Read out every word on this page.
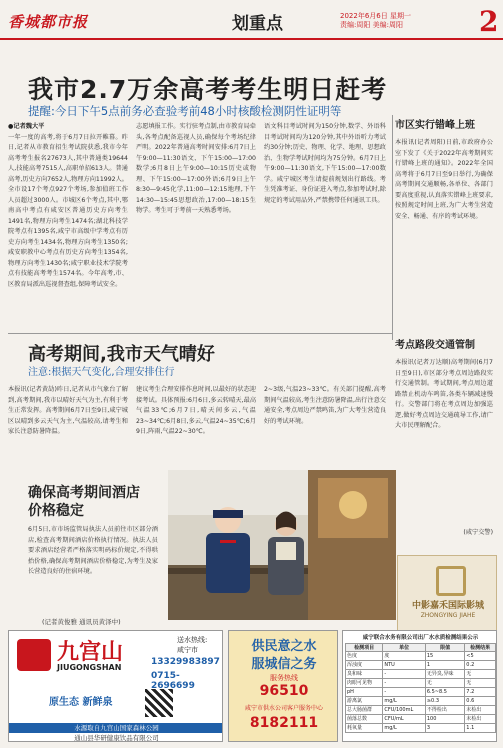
香城都市报	划重点	2022年6月6日 星期一
责编:周阳 美编:周阳	2
我市2.7万余高考考生明日赶考
提醒:今日下午5点前务必查验考前48小时核酸检测阴性证明等
●记者魏大平
一年一度的高考,将于6月7日拉开帷幕。昨日,记者从市教育招生考试院获悉,我市今年高考考生报名27673人,其中普通类19644人,技能高考7515人,高职单招613人。普通高考,历史方向7652人,物理方向11992人。全市设17个考点927个考场,参加值班工作人员超过3000人。市城区6个考点,其中,鄂南高中考点有咸安区普通历史方向考生1491名,物理方向考生1474名;湖北科技学院考点有1395名,咸宁市高级中学考点有历史方向考生1434名,物理方向考生1350名;咸安职教中心考点有历史方向考生1354名,物理方向考生1430名;咸宁职业技术学院考点有技能高考考生1574名。今年高考,市、区教育局派出巡视督查组,保障考试安全。
志愿填报工作。实行驻考点制,由市教育局牵头,各考点配备巡视人员,确保每个考场纪律严明。2022年普通高考时间安排:6月7日上午9:00—11:30语文、下午15:00—17:00数学;6月8日上午9:00—10:15历史或物理、下午15:00—17:00外语;6月9日上午8:30—9:45化学,11:00—12:15地理,下午14:30—15:45思想政治,17:00—18:15生物学。考生可于考前一天熟悉考场。
语文科目考试时间为150分钟,数学、外语科目考试时间均为120分钟,其中外语听力考试约30分钟;历史、物理、化学、地理、思想政治、生物学考试时间均为75分钟。6月7日上午9:00—11:30语文,下午15:00—17:00数学。咸宁城区考生请提前规划出行路线。考生凭准考证、身份证进入考点,参加考试时,除规定的考试用品外,严禁携带任何通讯工具。
市区实行错峰上班
本报讯(记者周阳)日前,市政府办公室下发了《关于2022年高考期间实行错峰上班的通知》。2022年全国高考将于6月7日至9日举行,为确保高考期间交通顺畅,各单位、各部门要高度重视,认真落实错峰上班要求,按照规定时间上班,为广大考生营造安全、畅通、有序的考试环境。
高考期间,我市天气晴好
注意:根据天气变化,合理安排住行
本报讯(记者黄劼)昨日,记者从市气象台了解到,高考期间,我市以晴好天气为主,有利于考生正常发挥。高考期间6月7日至9日,咸宁城区以晴到多云天气为主,气温较高,请考生和家长注意防暑降温。
建议考生合理安排作息时间,以最好的状态迎接考试。具体预报:6月6日,多云转晴天,最高气温33℃;6月7日,晴天间多云,气温23~34℃;6月8日,多云,气温24~35℃;6月9日,阵雨,气温22~30℃。
2~3级,气温23~33℃。有关部门提醒,高考期间气温较高,考生注意防暑降温,出行注意交通安全,考点周边严禁鸣笛,为广大考生营造良好的考试环境。
确保高考期间酒店价格稳定
6月5日,市市场监管局执法人员前往市区部分酒店,检查高考期间酒店价格执行情况。执法人员要求酒店经营者严格落实明码标价规定,不得哄抬价格,确保高考期间酒店价格稳定,为考生及家长营造良好的住宿环境。
(记者黄俊雅 通讯员黄泽中)
考点路段交通管制
本报讯(记者万达顺)高考期间(6月7日至9日),市区部分考点周边路段实行交通管制。考试期间,考点周边道路禁止机动车鸣笛,各类车辆减速慢行。交警部门将在考点周边加强巡逻,做好考点周边交通疏导工作,请广大市民理解配合。
(咸宁交警)
中影嘉禾国际影城
ZHONGYING JIAHE
九宫山
JIUGONGSHAN
原生态 新鲜泉
送水热线:
咸宁市
13329983897
0715-2696699
水源取自九宫山国家森林公园
通山县华研健康饮品有限公司
供民意之水
服城信之务
服务热线
96510
咸宁市供水公司客户服务中心
8182111
咸宁联合水务有限公司出厂水水质检测结果公示
检测项目	单位	限值	检测结果
色度	度	15	<5
浑浊度	NTU	1	0.2
臭和味	-	无异臭,异味	无
肉眼可见物	-	无	无
pH	-	6.5~8.5	7.2
游离氯	mg/L	≥0.3	0.6
总大肠菌群	CFU/100mL	不得检出	未检出
菌落总数	CFU/mL	100	未检出
耗氧量	mg/L	3	1.1
